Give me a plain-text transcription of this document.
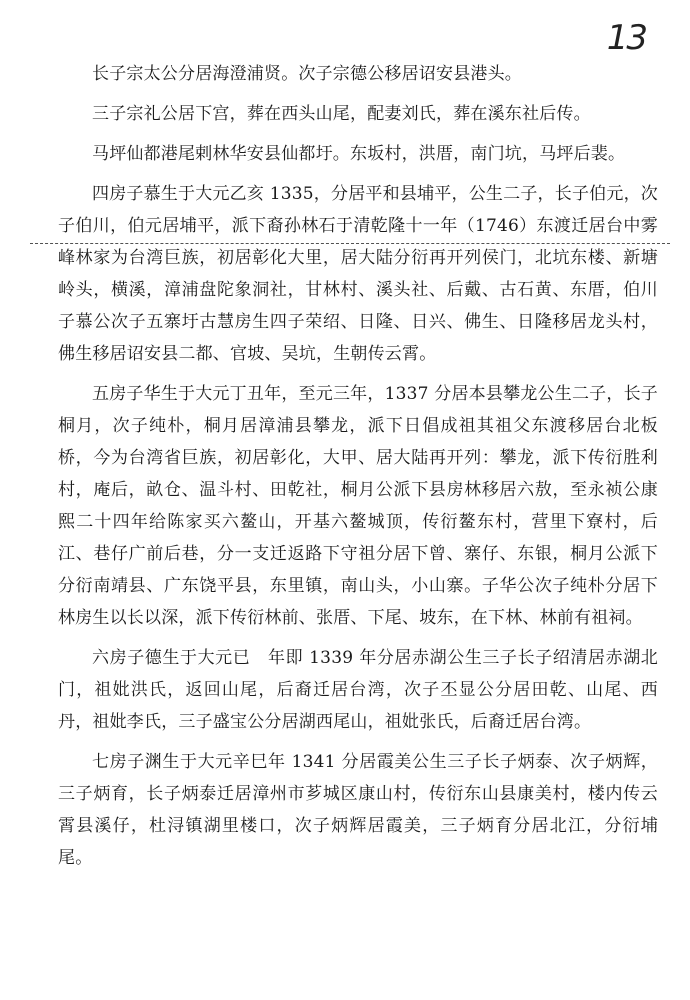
13

长子宗太公分居海澄浦贤。次子宗德公移居诏安县港头。

三子宗礼公居下宫，葬在西头山尾，配妻刘氏，葬在溪东社后传。

马坪仙都港尾剌林华安县仙都圩。东坂村，洪厝，南门坑，马坪后裴。

四房子慕生于大元乙亥 1335，分居平和县埔平，公生二子，长子伯元，次子伯川，伯元居埔平，派下裔孙林石于清乾隆十一年（1746）东渡迁居台中雾峰林家为台湾巨族，初居彰化大里，居大陆分衍再开列侯门，北坑东楼、新塘岭头，横溪，漳浦盘陀象洞社，甘林村、溪头社、后戴、古石黄、东厝，伯川子慕公次子五寨圩古慧房生四子荣绍、日隆、日兴、佛生、日隆移居龙头村，佛生移居诏安县二都、官坡、吴坑，生朝传云霄。

五房子华生于大元丁丑年，至元三年，1337 分居本县攀龙公生二子，长子桐月，次子纯朴，桐月居漳浦县攀龙，派下日倡成祖其祖父东渡移居台北板桥，今为台湾省巨族，初居彰化，大甲、居大陆再开列：攀龙，派下传衍胜利村，庵后，畝仓、温斗村、田乾社，桐月公派下县房林移居六敖，至永祯公康熙二十四年给陈家买六鳌山，开基六鳌城顶，传衍鳌东村，营里下寮村，后江、巷仔广前后巷，分一支迁返路下守祖分居下曾、寨仔、东银，桐月公派下分衍南靖县、广东饶平县，东里镇，南山头，小山寨。子华公次子纯朴分居下林房生以长以深，派下传衍林前、张厝、下尾、坡东，在下林、林前有祖祠。

六房子德生于大元已　年即 1339 年分居赤湖公生三子长子绍清居赤湖北门，祖妣洪氏，返回山尾，后裔迁居台湾，次子丕显公分居田乾、山尾、西丹，祖妣李氏，三子盛宝公分居湖西尾山，祖妣张氏，后裔迁居台湾。

七房子渊生于大元辛巳年 1341 分居霞美公生三子长子炳泰、次子炳辉，三子炳育，长子炳泰迁居漳州市芗城区康山村，传衍东山县康美村，楼内传云霄县溪仔，杜浔镇湖里楼口，次子炳辉居霞美，三子炳育分居北江，分衍埔尾。
